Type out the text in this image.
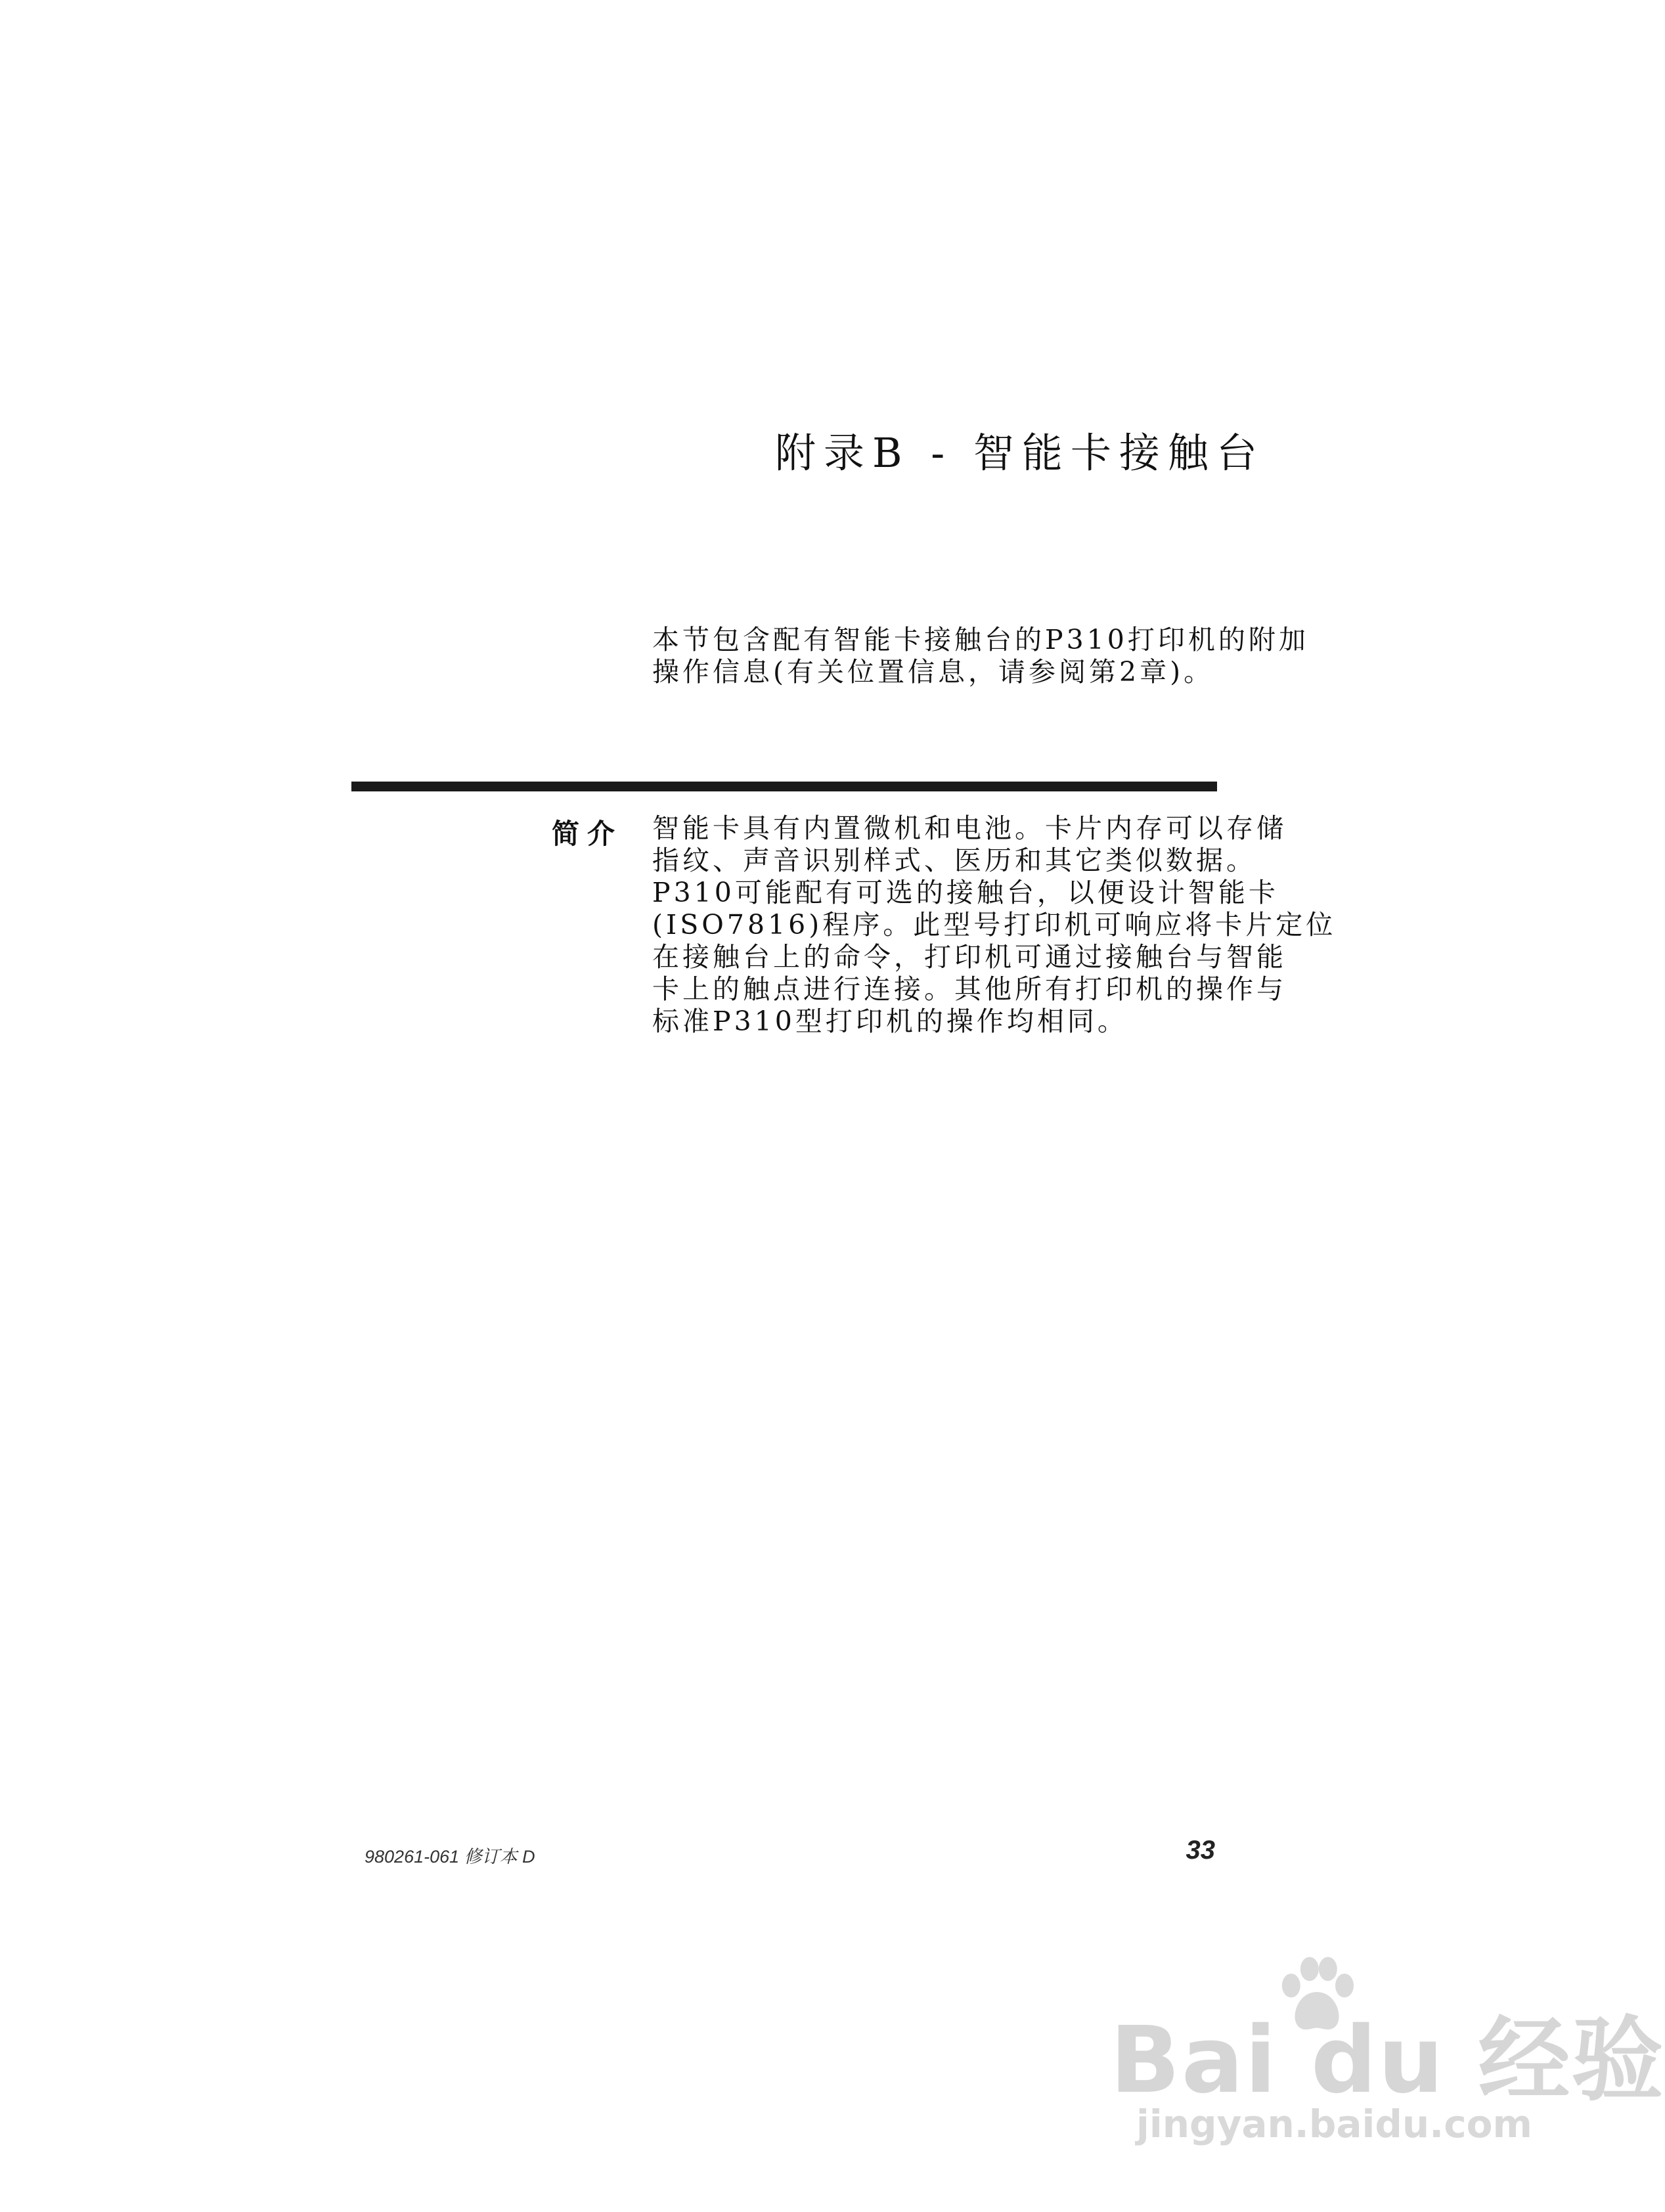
附录B - 智能卡接触台
本节包含配有智能卡接触台的P310打印机的附加
操作信息(有关位置信息，请参阅第2章)。
简介 智能卡具有内置微机和电池。卡片内存可以存储
指纹、声音识别样式、医历和其它类似数据。
P310可能配有可选的接触台，以便设计智能卡
(ISO7816)程序。此型号打印机可响应将卡片定位
在接触台上的命令，打印机可通过接触台与智能
卡上的触点进行连接。其他所有打印机的操作与
标准P310型打印机的操作均相同。
980261-061 修订本 D	33
Bai du 经验
jingyan.baidu.com
